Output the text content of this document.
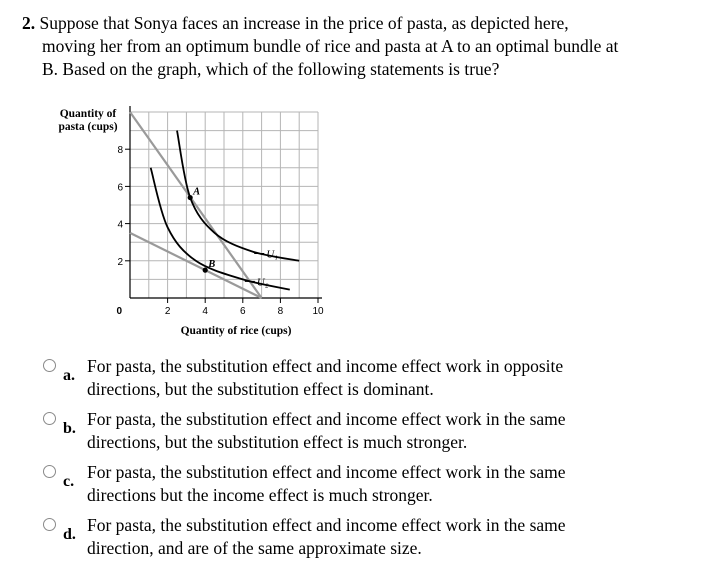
2. Suppose that Sonya faces an increase in the price of pasta, as depicted here,
moving her from an optimum bundle of rice and pasta at A to an optimal bundle at
B. Based on the graph, which of the following statements is true?
2
4
6
8
2	4	6	8	10
0
Quantity of
pasta (cups)
Quantity of rice (cups)
U₁
U₂
A
B
a. For pasta, the substitution effect and income effect work in opposite
directions, but the substitution effect is dominant.
b. For pasta, the substitution effect and income effect work in the same
directions, but the substitution effect is much stronger.
c. For pasta, the substitution effect and income effect work in the same
directions but the income effect is much stronger.
d. For pasta, the substitution effect and income effect work in the same
direction, and are of the same approximate size.
